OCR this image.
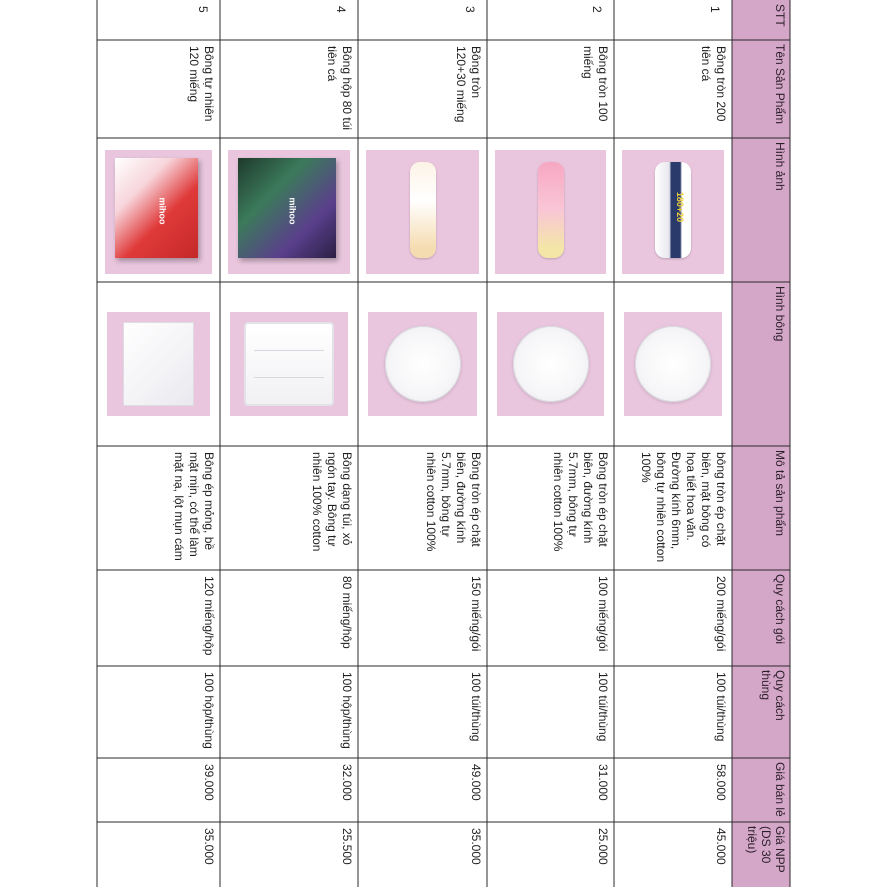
STT
Tên Sản Phẩm
Hình ảnh
Hình bông
Mô tả sản phẩm
Quy cách gói
Quy cách thùng
Giá bán lẻ
Giá NPP (DS 30 triệu)
1
Bông tròn 200 tiên cá
bông tròn ép chặt biên, mặt bông có họa tiết hoa văn. Đường kính 6mm, bông tự nhiên cotton 100%
200 miếng/gói
100 túi/thùng
58.000
45.000
180+20
2
Bông tròn 100 miếng
Bông tròn ép chặt biên, đường kính 5.7mm, bông tự nhiên cotton 100%
100 miếng/gói
100 túi/thùng
31.000
25.000
3
Bông tròn 120+30 miếng
Bông tròn ép chặt biên, đường kính 5.7mm, bông tự nhiên cotton 100%
150 miếng/gói
100 túi/thùng
49.000
35.000
4
Bông hộp 80 túi tiên cá
Bông dạng túi, xỏ ngón tay. Bông tự nhiên 100% cotton
80 miếng/hộp
100 hộp/thùng
32.000
25.500
mihoo
5
Bông tự nhiên 120 miếng
Bông ép mỏng, bề mặt mịn, có thể làm mặt nạ, lột mụn cám
120 miếng/hộp
100 hộp/thùng
39.000
35.000
mihoo
